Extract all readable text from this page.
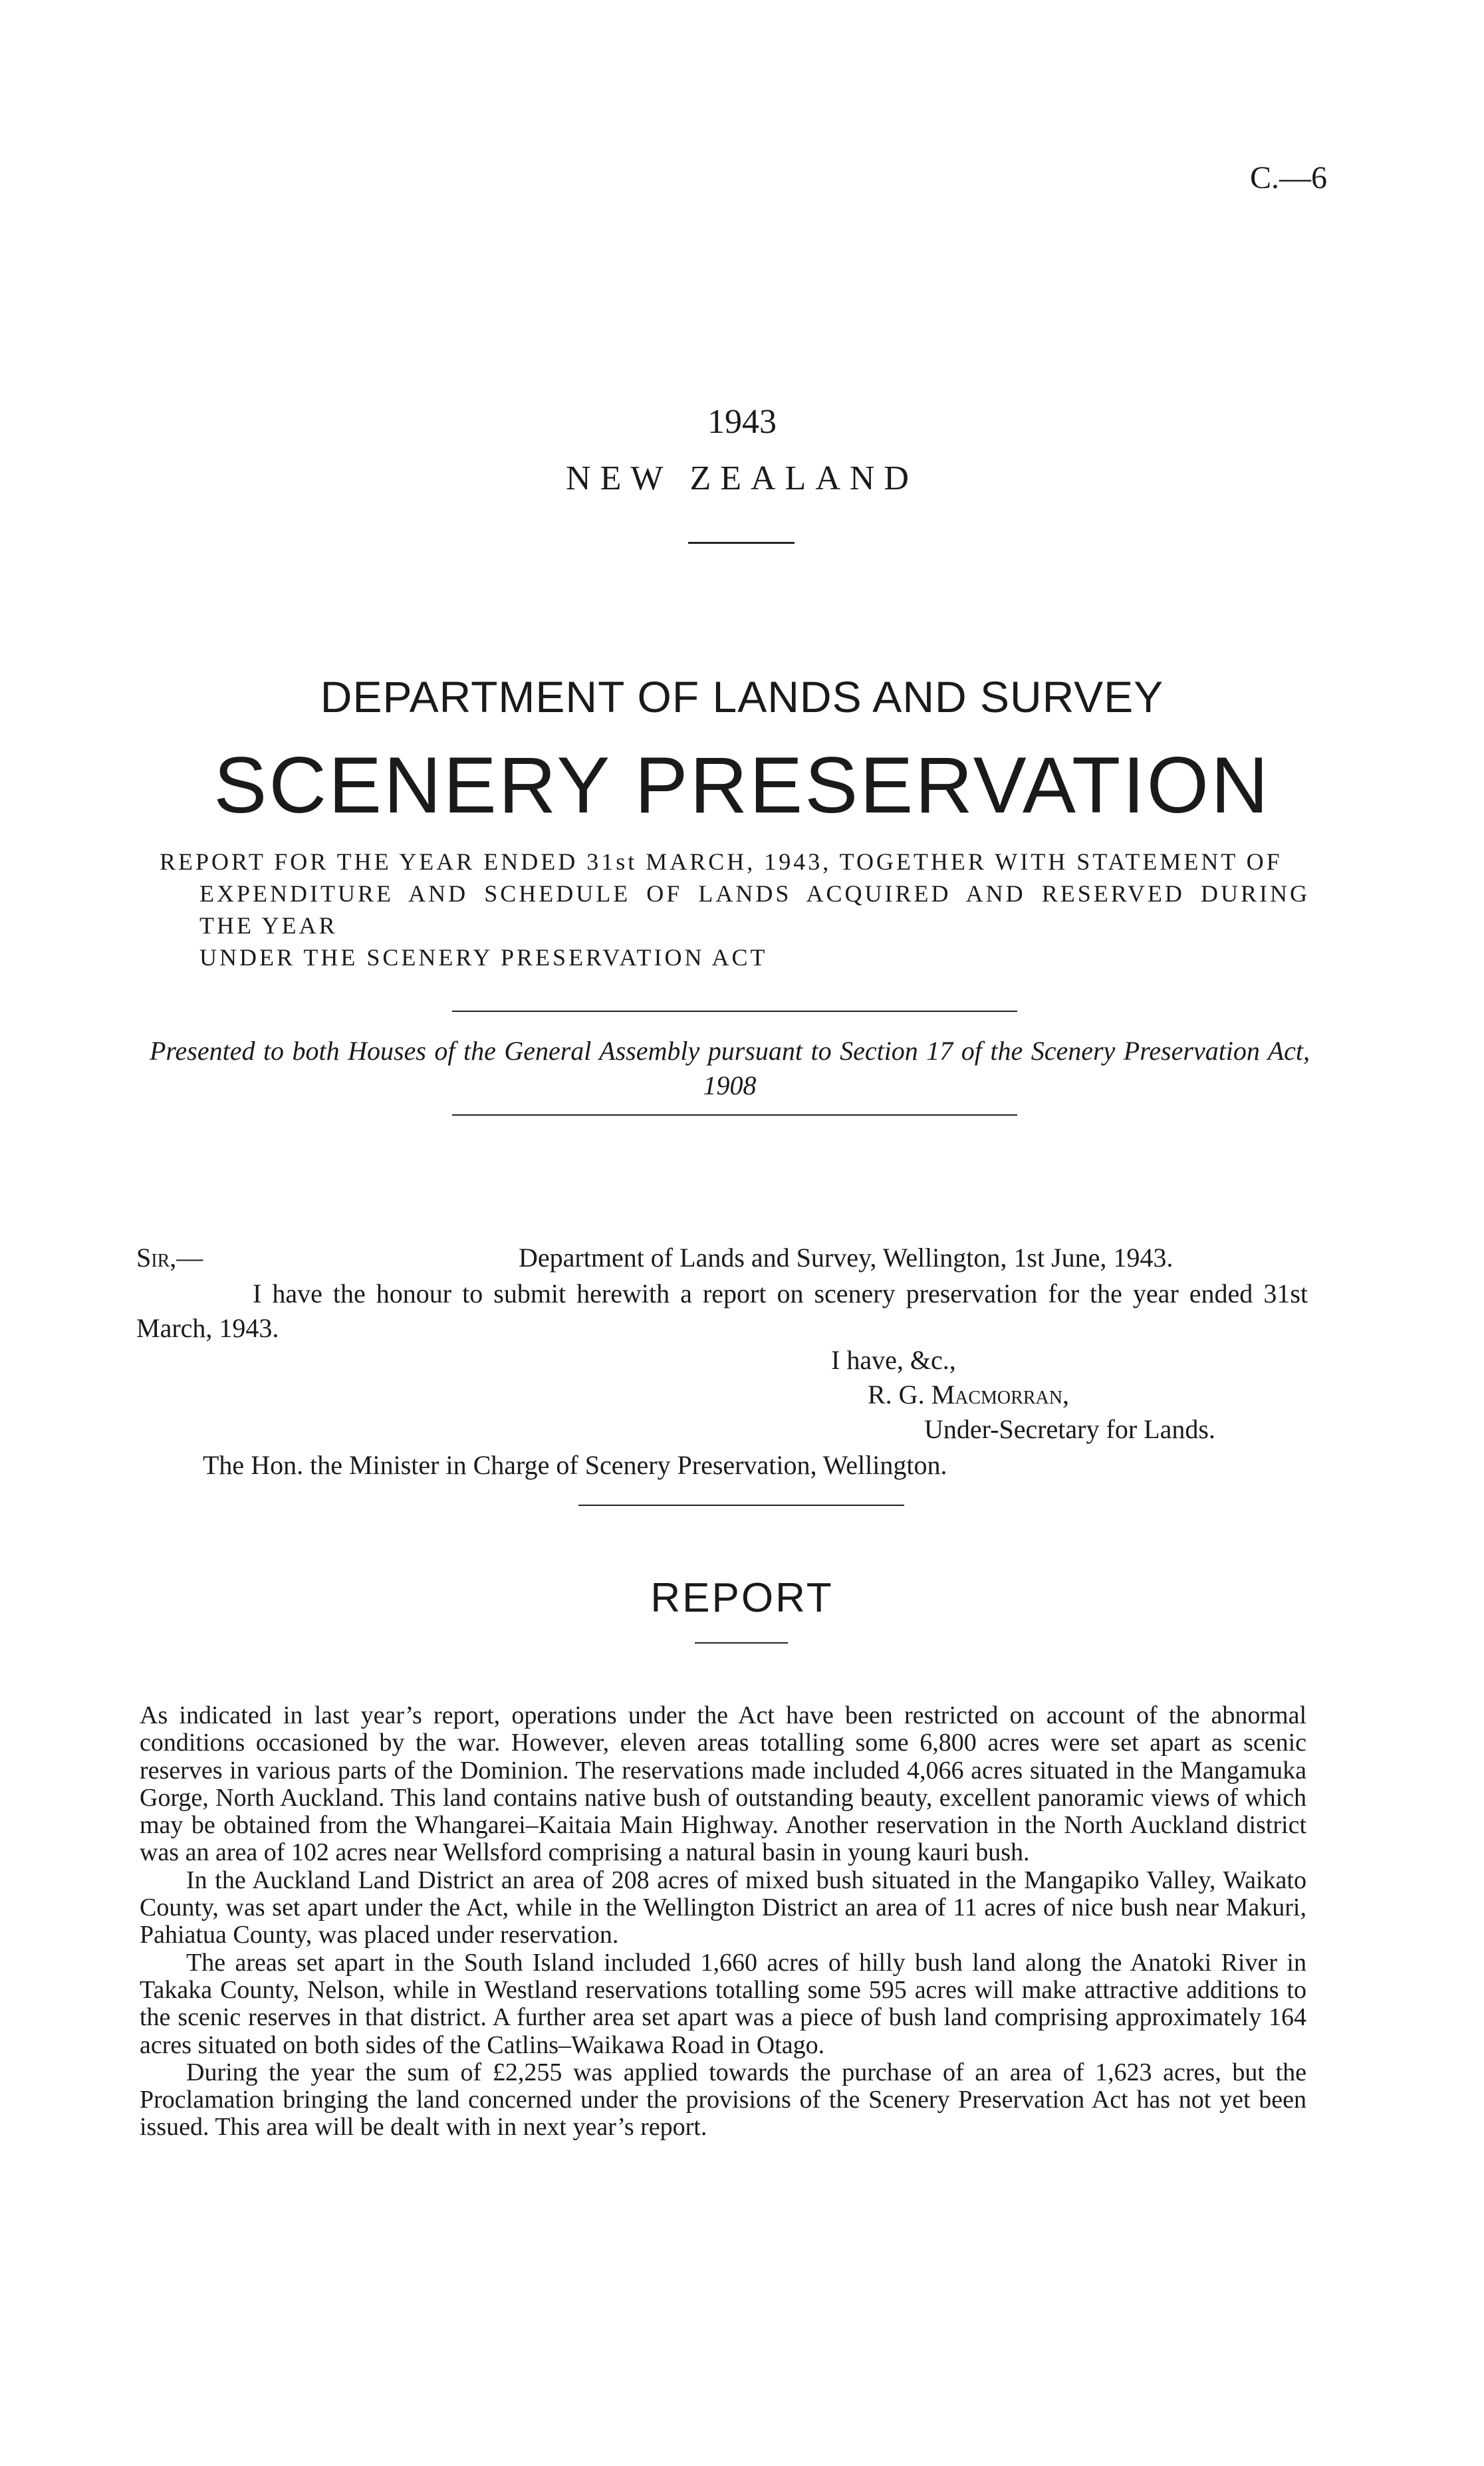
C.—6
1943
NEW ZEALAND
DEPARTMENT OF LANDS AND SURVEY
SCENERY PRESERVATION
REPORT FOR THE YEAR ENDED 31st MARCH, 1943, TOGETHER WITH STATEMENT OF
EXPENDITURE AND SCHEDULE OF LANDS ACQUIRED AND RESERVED DURING THE YEAR
UNDER THE SCENERY PRESERVATION ACT
Presented to both Houses of the General Assembly pursuant to Section 17 of the Scenery Preservation Act, 1908
Sir,—	Department of Lands and Survey, Wellington, 1st June, 1943.
I have the honour to submit herewith a report on scenery preservation for the year ended 31st March, 1943.
I have, &c.,
R. G. Macmorran,
Under-Secretary for Lands.
The Hon. the Minister in Charge of Scenery Preservation, Wellington.
REPORT

As indicated in last year’s report, operations under the Act have been restricted on account of the abnormal conditions occasioned by the war. However, eleven areas totalling some 6,800 acres were set apart as scenic reserves in various parts of the Dominion. The reservations made included 4,066 acres situated in the Mangamuka Gorge, North Auckland. This land contains native bush of outstanding beauty, excellent panoramic views of which may be obtained from the Whangarei–Kaitaia Main Highway. Another reservation in the North Auckland district was an area of 102 acres near Wellsford comprising a natural basin in young kauri bush.

In the Auckland Land District an area of 208 acres of mixed bush situated in the Mangapiko Valley, Waikato County, was set apart under the Act, while in the Wellington District an area of 11 acres of nice bush near Makuri, Pahiatua County, was placed under reservation.

The areas set apart in the South Island included 1,660 acres of hilly bush land along the Anatoki River in Takaka County, Nelson, while in Westland reservations totalling some 595 acres will make attractive additions to the scenic reserves in that district. A further area set apart was a piece of bush land comprising approximately 164 acres situated on both sides of the Catlins–Waikawa Road in Otago.

During the year the sum of £2,255 was applied towards the purchase of an area of 1,623 acres, but the Proclamation bringing the land concerned under the provisions of the Scenery Preservation Act has not yet been issued. This area will be dealt with in next year’s report.
